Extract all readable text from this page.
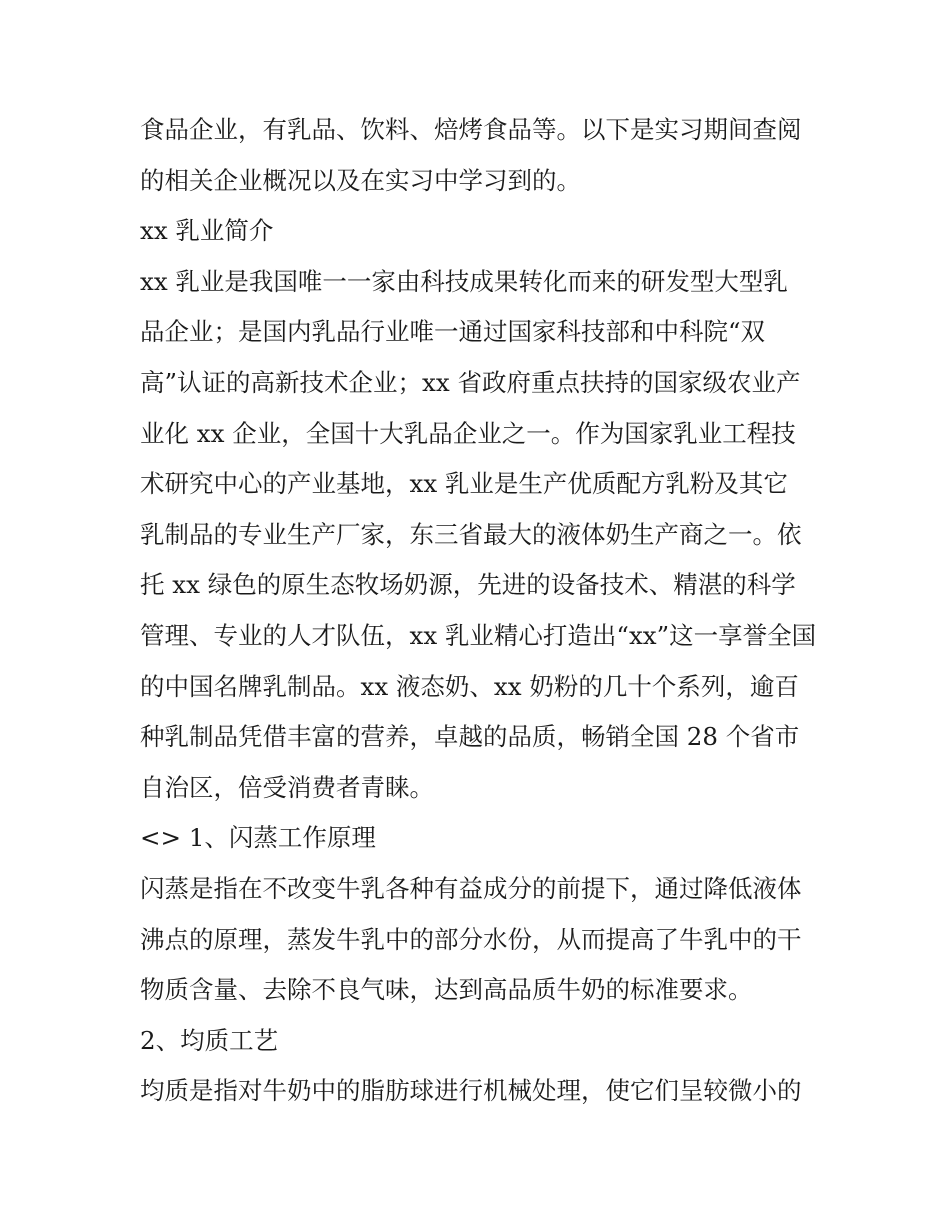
食品企业，有乳品、饮料、焙烤食品等。以下是实习期间查阅
的相关企业概况以及在实习中学习到的。
xx 乳业简介
xx 乳业是我国唯一一家由科技成果转化而来的研发型大型乳
品企业；是国内乳品行业唯一通过国家科技部和中科院“双
高”认证的高新技术企业；xx 省政府重点扶持的国家级农业产
业化 xx 企业，全国十大乳品企业之一。作为国家乳业工程技
术研究中心的产业基地，xx 乳业是生产优质配方乳粉及其它
乳制品的专业生产厂家，东三省最大的液体奶生产商之一。依
托 xx 绿色的原生态牧场奶源，先进的设备技术、精湛的科学
管理、专业的人才队伍，xx 乳业精心打造出“xx”这一享誉全国
的中国名牌乳制品。xx 液态奶、xx 奶粉的几十个系列，逾百
种乳制品凭借丰富的营养，卓越的品质，畅销全国 28 个省市
自治区，倍受消费者青睐。
<> 1、闪蒸工作原理
闪蒸是指在不改变牛乳各种有益成分的前提下，通过降低液体
沸点的原理，蒸发牛乳中的部分水份，从而提高了牛乳中的干
物质含量、去除不良气味，达到高品质牛奶的标准要求。
2、均质工艺
均质是指对牛奶中的脂肪球进行机械处理，使它们呈较微小的
